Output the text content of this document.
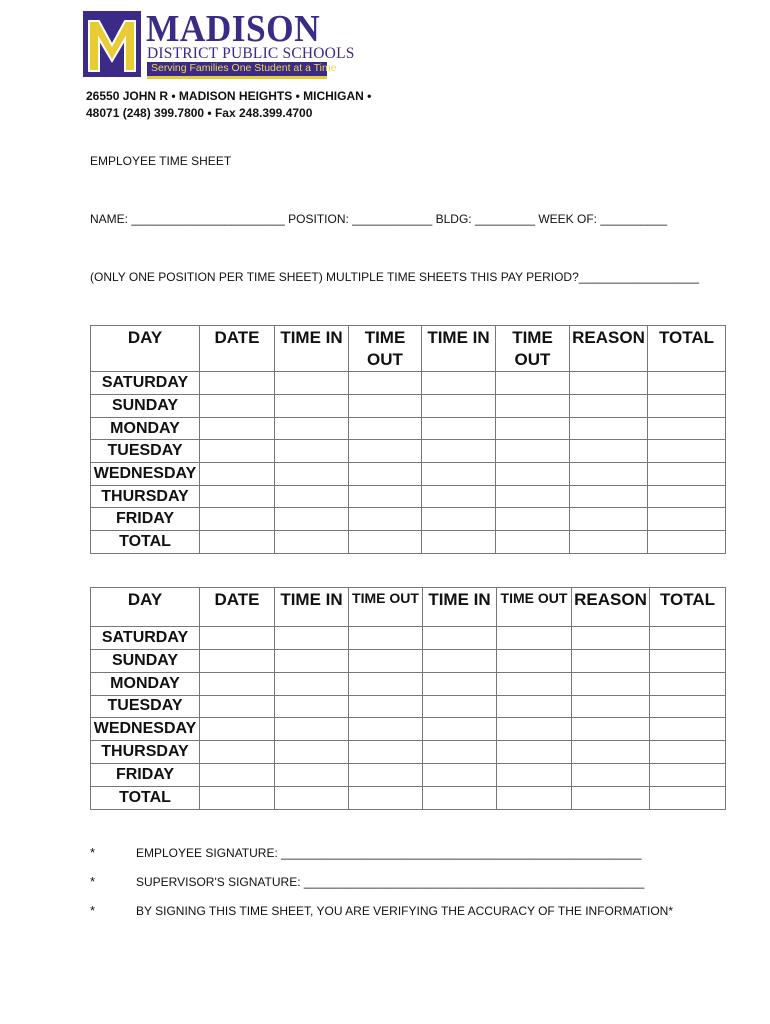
MADISON
DISTRICT PUBLIC SCHOOLS
Serving Families One Student at a Time
26550 JOHN R • MADISON HEIGHTS • MICHIGAN •
48071 (248) 399.7800 • Fax 248.399.4700
EMPLOYEE TIME SHEET
NAME: _______________________ POSITION: ____________ BLDG: _________ WEEK OF: __________
(ONLY ONE POSITION PER TIME SHEET) MULTIPLE TIME SHEETS THIS PAY PERIOD?__________________
DAY	DATE	TIME IN	TIME OUT	TIME IN	TIME OUT	REASON	TOTAL
SATURDAY							
SUNDAY							
MONDAY							
TUESDAY							
WEDNESDAY							
THURSDAY							
FRIDAY							
TOTAL							
DAY	DATE	TIME IN	TIME OUT	TIME IN	TIME OUT	REASON	TOTAL
SATURDAY							
SUNDAY							
MONDAY							
TUESDAY							
WEDNESDAY							
THURSDAY							
FRIDAY							
TOTAL							
*	EMPLOYEE SIGNATURE: ______________________________________________________
*	SUPERVISOR'S SIGNATURE: ___________________________________________________
*	BY SIGNING THIS TIME SHEET, YOU ARE VERIFYING THE ACCURACY OF THE INFORMATION*
